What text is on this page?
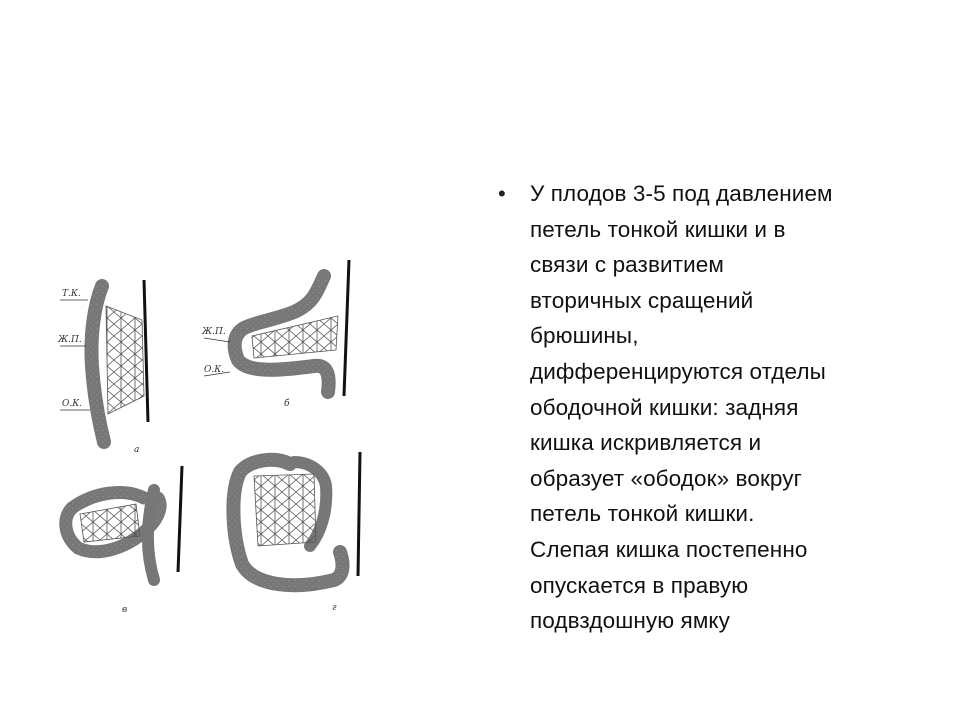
Т.К.
Ж.П.
О.К.
а
Ж.П.
О.К.
б
в	г
•	У плодов 3-5 под давлением
петель тонкой кишки и в
связи с развитием
вторичных сращений
брюшины,
дифференцируются отделы
ободочной кишки: задняя
кишка искривляется и
образует «ободок» вокруг
петель тонкой кишки.
Слепая кишка постепенно
опускается в правую
подвздошную ямку
